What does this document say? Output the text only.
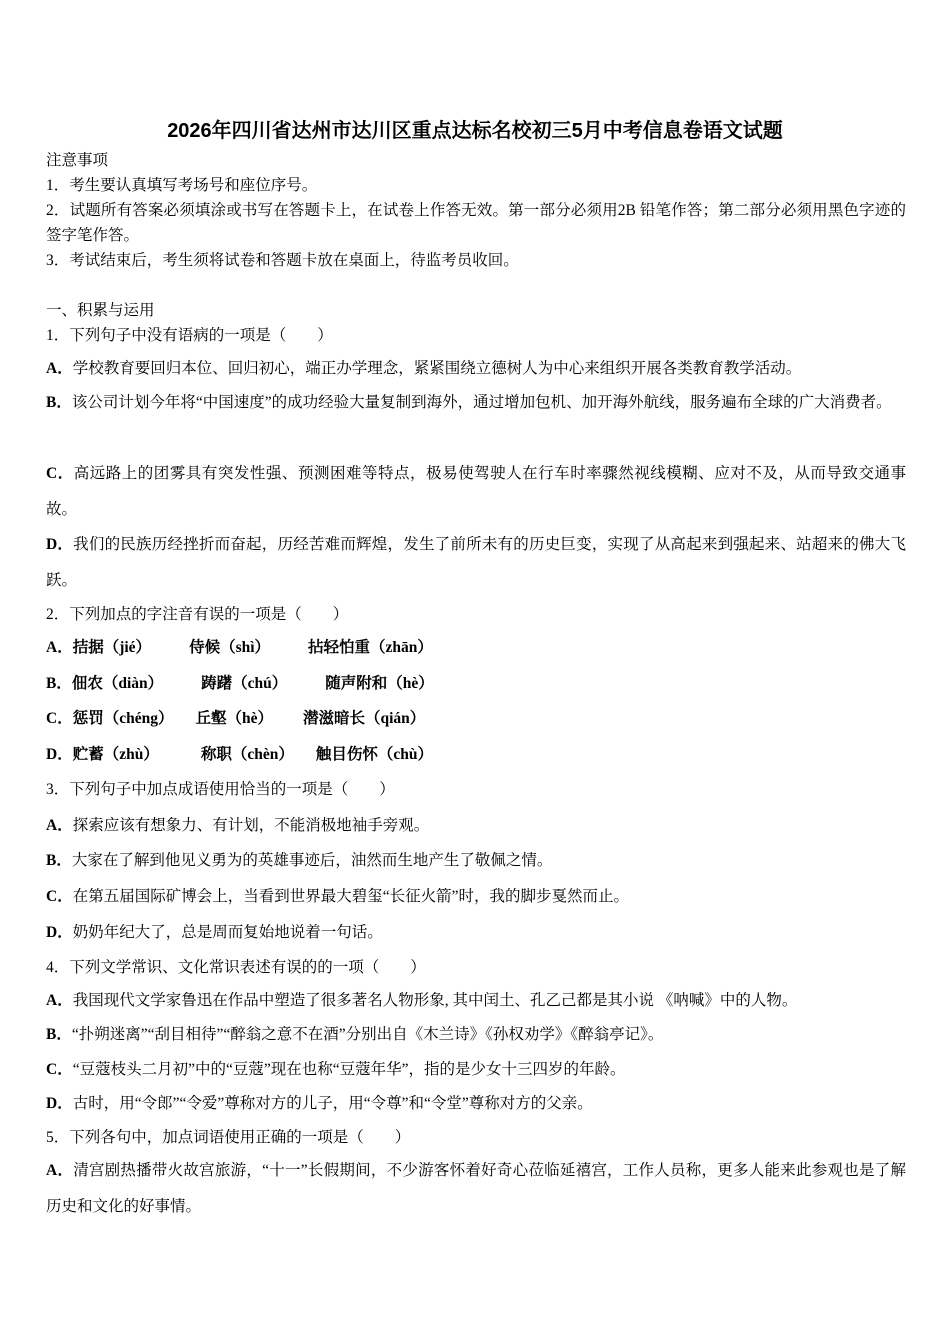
2026年四川省达州市达川区重点达标名校初三5月中考信息卷语文试题
注意事项
1．考生要认真填写考场号和座位序号。
2．试题所有答案必须填涂或书写在答题卡上，在试卷上作答无效。第一部分必须用2B 铅笔作答；第二部分必须用黑色字迹的签字笔作答。
3．考试结束后，考生须将试卷和答题卡放在桌面上，待监考员收回。
一、积累与运用
1．下列句子中没有语病的一项是（　　）
A．学校教育要回归本位、回归初心，端正办学理念，紧紧围绕立德树人为中心来组织开展各类教育教学活动。
B．该公司计划今年将“中国速度”的成功经验大量复制到海外，通过增加包机、加开海外航线，服务遍布全球的广大消费者。
C．高远路上的团雾具有突发性强、预测困难等特点，极易使驾驶人在行车时率骤然视线模糊、应对不及，从而导致交通事故。
D．我们的民族历经挫折而奋起，历经苦难而辉煌，发生了前所未有的历史巨变，实现了从高起来到强起来、站超来的佛大飞跃。
2．下列加点的字注音有误的一项是（　　）
A．拮据（jié） 侍候（shì） 拈轻怕重（zhān）
B．佃农（diàn） 踌躇（chú） 随声附和（hè）
C．惩罚（chéng） 丘壑（hè） 潜滋暗长（qián）
D．贮蓄（zhù）	称职（chèn） 触目伤怀（chù）
3．下列句子中加点成语使用恰当的一项是（　　）
A．探索应该有想象力、有计划，不能消极地袖手旁观。
B．大家在了解到他见义勇为的英雄事迹后，油然而生地产生了敬佩之情。
C．在第五届国际矿博会上，当看到世界最大碧玺“长征火箭”时，我的脚步戛然而止。
D．奶奶年纪大了，总是周而复始地说着一句话。
4．下列文学常识、文化常识表述有误的的一项（　　）
A．我国现代文学家鲁迅在作品中塑造了很多著名人物形象, 其中闰土、孔乙己都是其小说 《呐喊》中的人物。
B．“扑朔迷离”“刮目相待”“醉翁之意不在酒”分别出自《木兰诗》《孙权劝学》《醉翁亭记》。
C．“豆蔻枝头二月初”中的“豆蔻”现在也称“豆蔻年华”，指的是少女十三四岁的年龄。
D．古时，用“令郎”“令爱”尊称对方的儿子，用“令尊”和“令堂”尊称对方的父亲。
5．下列各句中，加点词语使用正确的一项是（　　）
A．清宫剧热播带火故宫旅游，“十一”长假期间，不少游客怀着好奇心莅临延禧宫，工作人员称，更多人能来此参观也是了解历史和文化的好事情。
